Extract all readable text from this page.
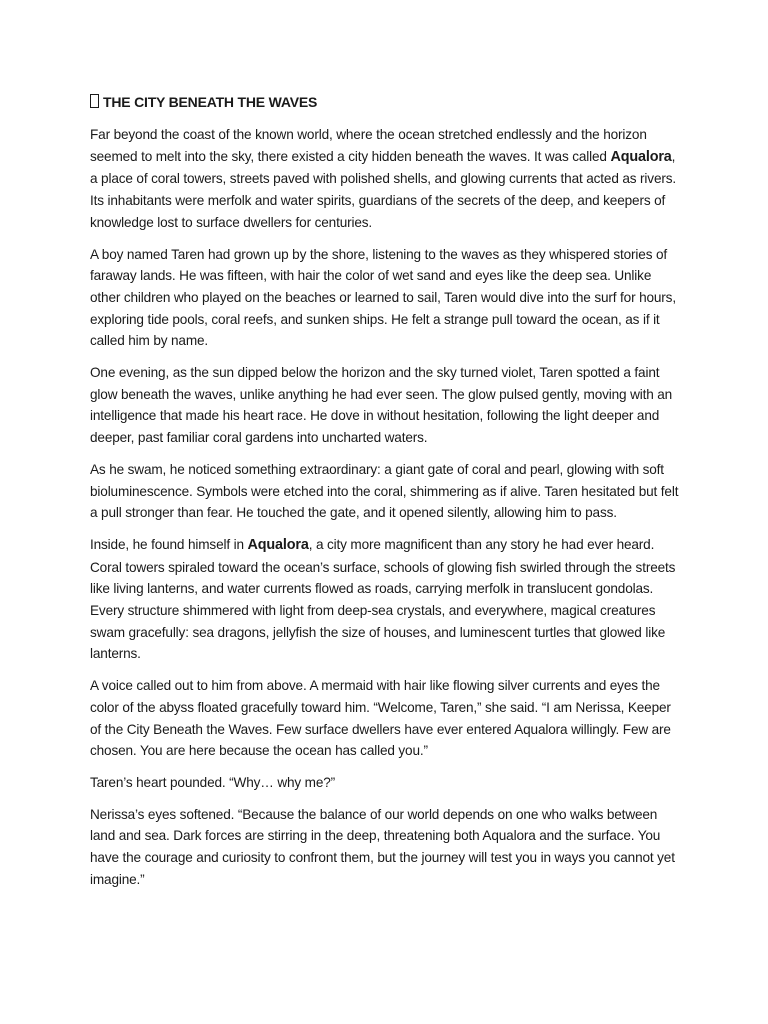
THE CITY BENEATH THE WAVES

Far beyond the coast of the known world, where the ocean stretched endlessly and the horizon seemed to melt into the sky, there existed a city hidden beneath the waves. It was called Aqualora, a place of coral towers, streets paved with polished shells, and glowing currents that acted as rivers. Its inhabitants were merfolk and water spirits, guardians of the secrets of the deep, and keepers of knowledge lost to surface dwellers for centuries.

A boy named Taren had grown up by the shore, listening to the waves as they whispered stories of faraway lands. He was fifteen, with hair the color of wet sand and eyes like the deep sea. Unlike other children who played on the beaches or learned to sail, Taren would dive into the surf for hours, exploring tide pools, coral reefs, and sunken ships. He felt a strange pull toward the ocean, as if it called him by name.

One evening, as the sun dipped below the horizon and the sky turned violet, Taren spotted a faint glow beneath the waves, unlike anything he had ever seen. The glow pulsed gently, moving with an intelligence that made his heart race. He dove in without hesitation, following the light deeper and deeper, past familiar coral gardens into uncharted waters.

As he swam, he noticed something extraordinary: a giant gate of coral and pearl, glowing with soft bioluminescence. Symbols were etched into the coral, shimmering as if alive. Taren hesitated but felt a pull stronger than fear. He touched the gate, and it opened silently, allowing him to pass.

Inside, he found himself in Aqualora, a city more magnificent than any story he had ever heard. Coral towers spiraled toward the ocean’s surface, schools of glowing fish swirled through the streets like living lanterns, and water currents flowed as roads, carrying merfolk in translucent gondolas. Every structure shimmered with light from deep-sea crystals, and everywhere, magical creatures swam gracefully: sea dragons, jellyfish the size of houses, and luminescent turtles that glowed like lanterns.

A voice called out to him from above. A mermaid with hair like flowing silver currents and eyes the color of the abyss floated gracefully toward him. “Welcome, Taren,” she said. “I am Nerissa, Keeper of the City Beneath the Waves. Few surface dwellers have ever entered Aqualora willingly. Few are chosen. You are here because the ocean has called you.”

Taren’s heart pounded. “Why… why me?”

Nerissa’s eyes softened. “Because the balance of our world depends on one who walks between land and sea. Dark forces are stirring in the deep, threatening both Aqualora and the surface. You have the courage and curiosity to confront them, but the journey will test you in ways you cannot yet imagine.”
